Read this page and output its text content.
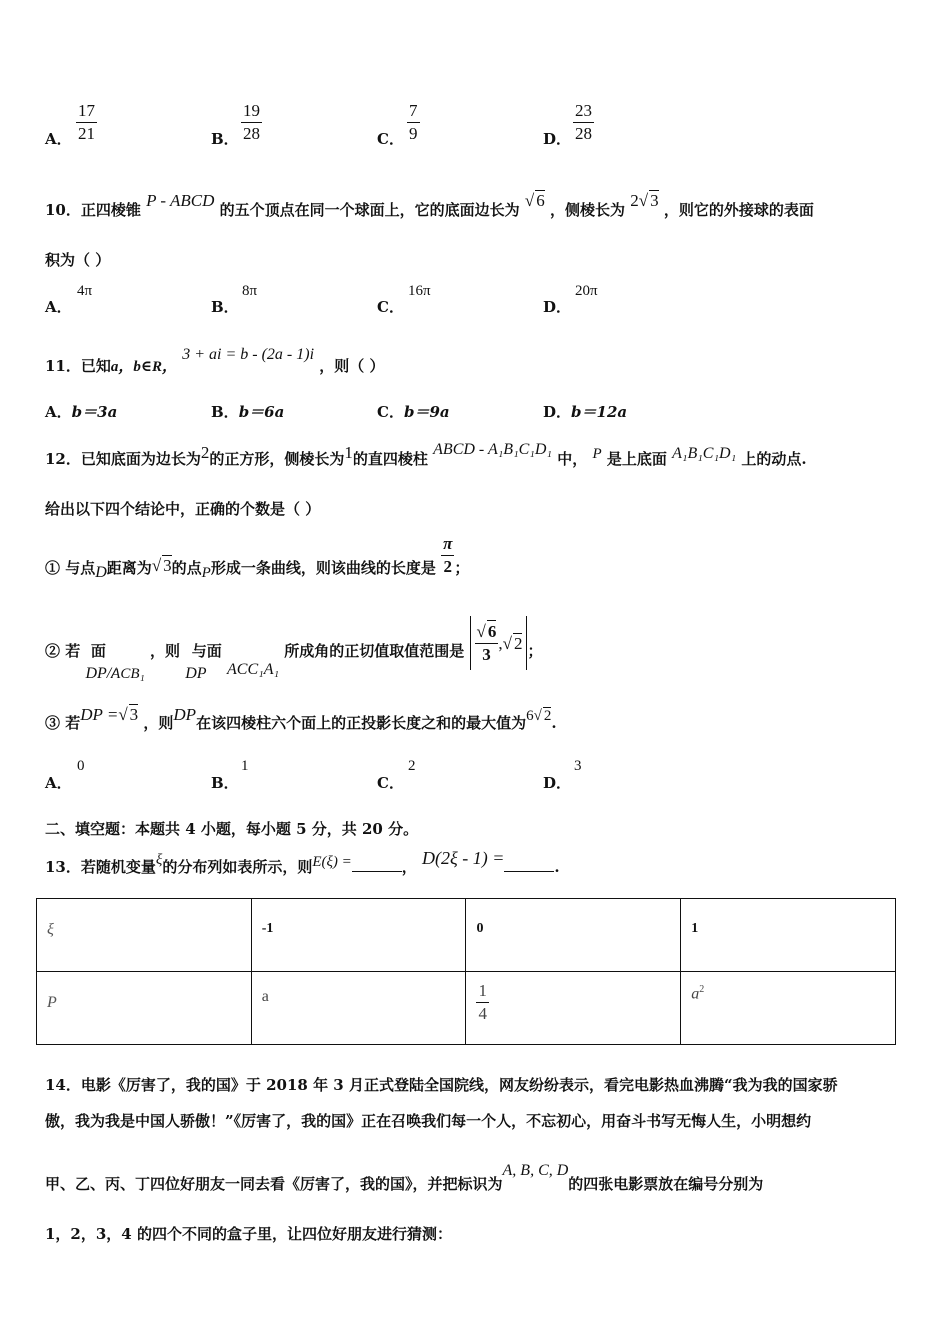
A． $\frac{17}{21}$	B． $\frac{19}{28}$	C． $\frac{7}{9}$	D． $\frac{23}{28}$
10．正四棱锥 P - ABCD 的五个顶点在同一个球面上，它的底面边长为 √ 6 ，侧棱长为 2√ 3 ，则它的外接球的表面
积为（ ）
A．
4π
B．
8π
C．
16π
D．
20π
11．已知a，b∈R， 3 + ai = b - (2a - 1)i ，则（ ）
A．b＝3a	B．b＝6a	C．b＝9a	D．b＝12a
12．已知底面为边长为2的正方形，侧棱长为1的直四棱柱 ABCD - A₁B₁C₁D₁ 中， P 是上底面 A₁B₁C₁D₁ 上的动点.
给出以下四个结论中，正确的个数是（ ）
① 与点D距离为√ 3的点P形成一条曲线，则该曲线的长度是 $\frac{\pi}{2}$ ；
② 若 DP// 面 ACB₁ ，则 DP 与面 ACC₁A₁ 所成角的正切值取值范围是 $\frac{√ 6}{3}$ ,√ 2 ；
③ 若DP =√ 3 ，则DP在该四棱柱六个面上的正投影长度之和的最大值为6√ 2.
A．
0
B．
1
C．
2
D．
3
二、填空题：本题共 4 小题，每小题 5 分，共 20 分。
13．若随机变量ξ的分布列如表所示，则E(ξ) =	， D(2ξ - 1) =	.
ξ	-1	0	1

P	a	$\frac{1}{4}$	$a^2$
14．电影《厉害了，我的国》于 2018 年 3 月正式登陆全国院线，网友纷纷表示，看完电影热血沸腾“我为我的国家骄
傲，我为我是中国人骄傲！”《厉害了，我的国》正在召唤我们每一个人，不忘初心，用奋斗书写无悔人生，小明想约
甲、乙、丙、丁四位好朋友一同去看《厉害了，我的国》，并把标识为A, B, C, D的四张电影票放在编号分别为
1，2，3，4 的四个不同的盒子里，让四位好朋友进行猜测：
